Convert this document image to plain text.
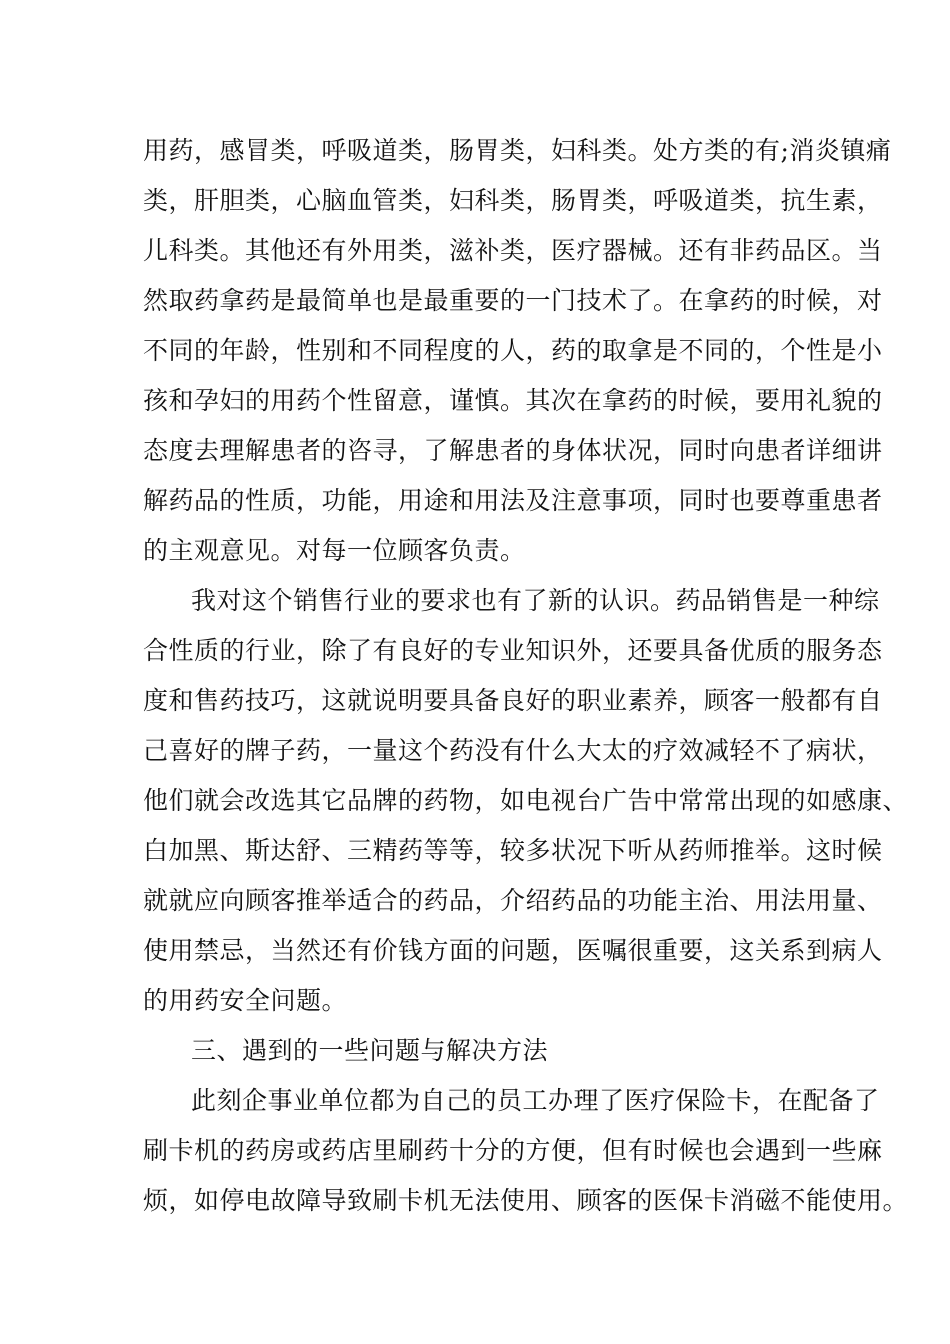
用药，感冒类，呼吸道类，肠胃类，妇科类。处方类的有;消炎镇痛
类，肝胆类，心脑血管类，妇科类，肠胃类，呼吸道类，抗生素，
儿科类。其他还有外用类，滋补类，医疗器械。还有非药品区。当
然取药拿药是最简单也是最重要的一门技术了。在拿药的时候，对
不同的年龄，性别和不同程度的人，药的取拿是不同的，个性是小
孩和孕妇的用药个性留意，谨慎。其次在拿药的时候，要用礼貌的
态度去理解患者的咨寻，了解患者的身体状况，同时向患者详细讲
解药品的性质，功能，用途和用法及注意事项，同时也要尊重患者
的主观意见。对每一位顾客负责。
我对这个销售行业的要求也有了新的认识。药品销售是一种综
合性质的行业，除了有良好的专业知识外，还要具备优质的服务态
度和售药技巧，这就说明要具备良好的职业素养，顾客一般都有自
己喜好的牌子药，一量这个药没有什么大太的疗效减轻不了病状，
他们就会改选其它品牌的药物，如电视台广告中常常出现的如感康、
白加黑、斯达舒、三精药等等，较多状况下听从药师推举。这时候
就就应向顾客推举适合的药品，介绍药品的功能主治、用法用量、
使用禁忌，当然还有价钱方面的问题，医嘱很重要，这关系到病人
的用药安全问题。
三、遇到的一些问题与解决方法
此刻企事业单位都为自己的员工办理了医疗保险卡，在配备了
刷卡机的药房或药店里刷药十分的方便，但有时候也会遇到一些麻
烦，如停电故障导致刷卡机无法使用、顾客的医保卡消磁不能使用。
